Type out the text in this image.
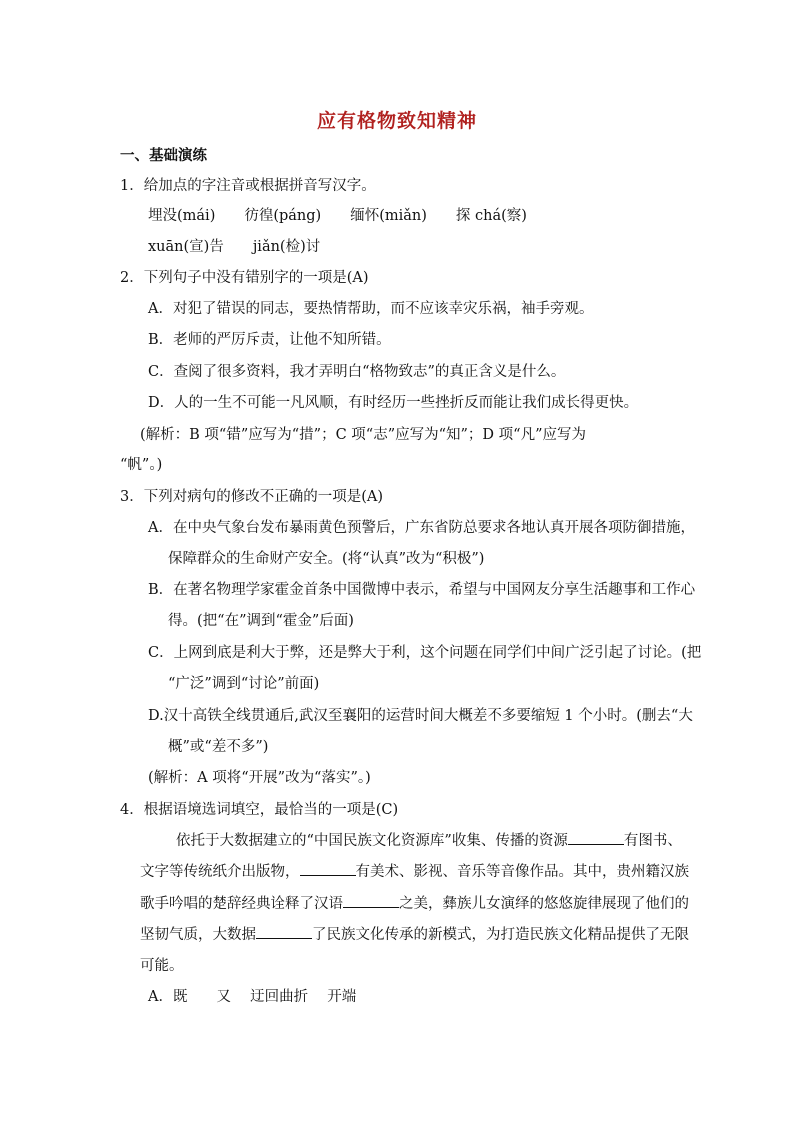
应有格物致知精神
一、基础演练
1．给加点的字注音或根据拼音写汉字。
埋没(mái)　　彷徨(páng)　　缅怀(miǎn)　　探 chá(察)
xuān(宣)告　　jiǎn(检)讨
2．下列句子中没有错别字的一项是(A)
A．对犯了错误的同志，要热情帮助，而不应该幸灾乐祸，袖手旁观。
B．老师的严厉斥责，让他不知所错。
C．查阅了很多资料，我才弄明白“格物致志”的真正含义是什么。
D．人的一生不可能一凡风顺，有时经历一些挫折反而能让我们成长得更快。
(解析：B 项“错”应写为“措”；C 项“志”应写为“知”；D 项“凡”应写为
“帆”。)
3．下列对病句的修改不正确的一项是(A)
A．在中央气象台发布暴雨黄色预警后，广东省防总要求各地认真开展各项防御措施，
保障群众的生命财产安全。(将“认真”改为“积极”)
B．在著名物理学家霍金首条中国微博中表示，希望与中国网友分享生活趣事和工作心
得。(把“在”调到“霍金”后面)
C．上网到底是利大于弊，还是弊大于利，这个问题在同学们中间广泛引起了讨论。(把
“广泛”调到“讨论”前面)
D.汉十高铁全线贯通后,武汉至襄阳的运营时间大概差不多要缩短 1 个小时。(删去“大
概”或“差不多”)
(解析：A 项将“开展”改为“落实”。)
4．根据语境选词填空，最恰当的一项是(C)
依托于大数据建立的“中国民族文化资源库”收集、传播的资源	有图书、
文字等传统纸介出版物，	有美术、影视、音乐等音像作品。其中，贵州籍汉族
歌手吟唱的楚辞经典诠释了汉语	之美，彝族儿女演绎的悠悠旋律展现了他们的
坚韧气质，大数据	了民族文化传承的新模式，为打造民族文化精品提供了无限
可能。
A．既　　又　 迂回曲折　 开端
